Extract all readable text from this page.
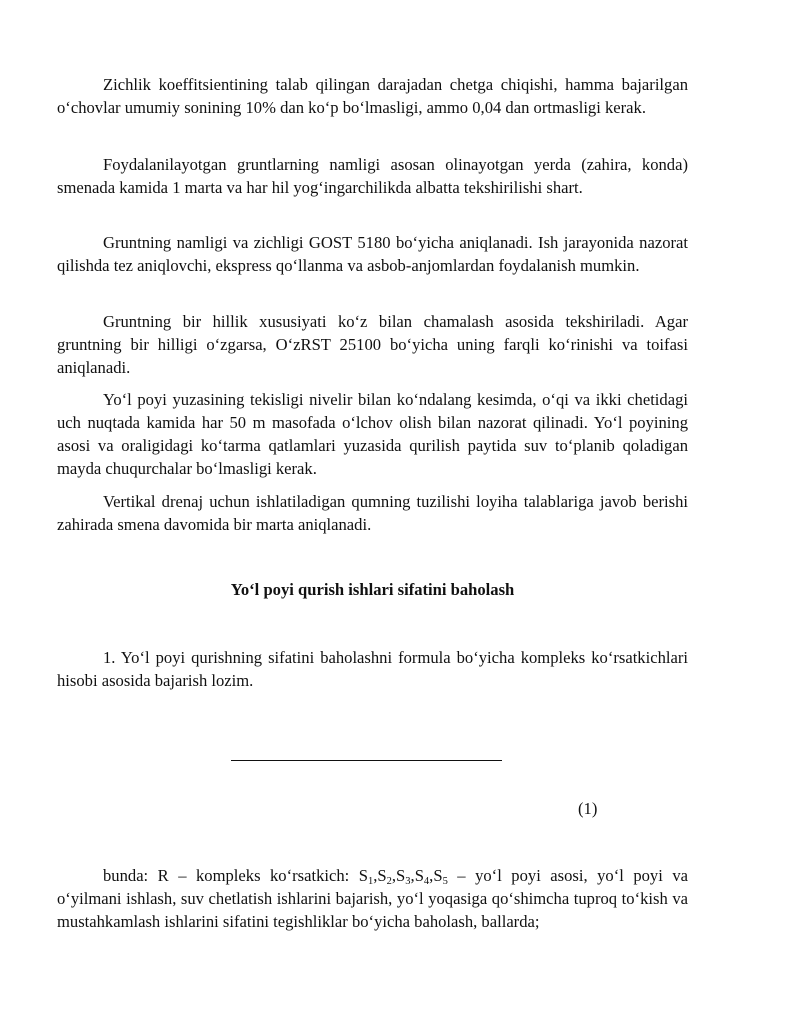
Zichlik koeffitsientining talab qilingan darajadan chetga chiqishi, hamma bajarilgan o‘chovlar umumiy sonining 10% dan ko‘p bo‘lmasligi, ammo 0,04 dan ortmasligi kerak.

Foydalanilayotgan gruntlarning namligi asosan olinayotgan yerda (zahira, konda) smenada kamida 1 marta va har hil yog‘ingarchilikda albatta tekshirilishi shart.

Gruntning namligi va zichligi GOST 5180 bo‘yicha aniqlanadi. Ish jarayonida nazorat qilishda tez aniqlovchi, ekspress qo‘llanma va asbob-anjomlardan foydalanish mumkin.

Gruntning bir hillik xususiyati ko‘z bilan chamalash asosida tekshiriladi. Agar gruntning bir hilligi o‘zgarsa, O‘zRST 25100 bo‘yicha uning farqli ko‘rinishi va toifasi aniqlanadi.

Yo‘l poyi yuzasining tekisligi nivelir bilan ko‘ndalang kesimda, o‘qi va ikki chetidagi uch nuqtada kamida har 50 m masofada o‘lchov olish bilan nazorat qilinadi. Yo‘l poyining asosi va oraligidagi ko‘tarma qatlamlari yuzasida qurilish paytida suv to‘planib qoladigan mayda chuqurchalar bo‘lmasligi kerak.

Vertikal drenaj uchun ishlatiladigan qumning tuzilishi loyiha talablariga javob berishi zahirada smena davomida bir marta aniqlanadi.

Yo‘l poyi qurish ishlari sifatini baholash

1. Yo‘l poyi qurishning sifatini baholashni formula bo‘yicha kompleks ko‘rsatkichlari hisobi asosida bajarish lozim.

(1)

bunda: R – kompleks ko‘rsatkich: $S_1,S_2,S_3,S_4,S_5$ – yo‘l poyi asosi, yo‘l poyi va o‘yilmani ishlash, suv chetlatish ishlarini bajarish, yo‘l yoqasiga qo‘shimcha tuproq to‘kish va mustahkamlash ishlarini sifatini tegishliklar bo‘yicha baholash, ballarda;
